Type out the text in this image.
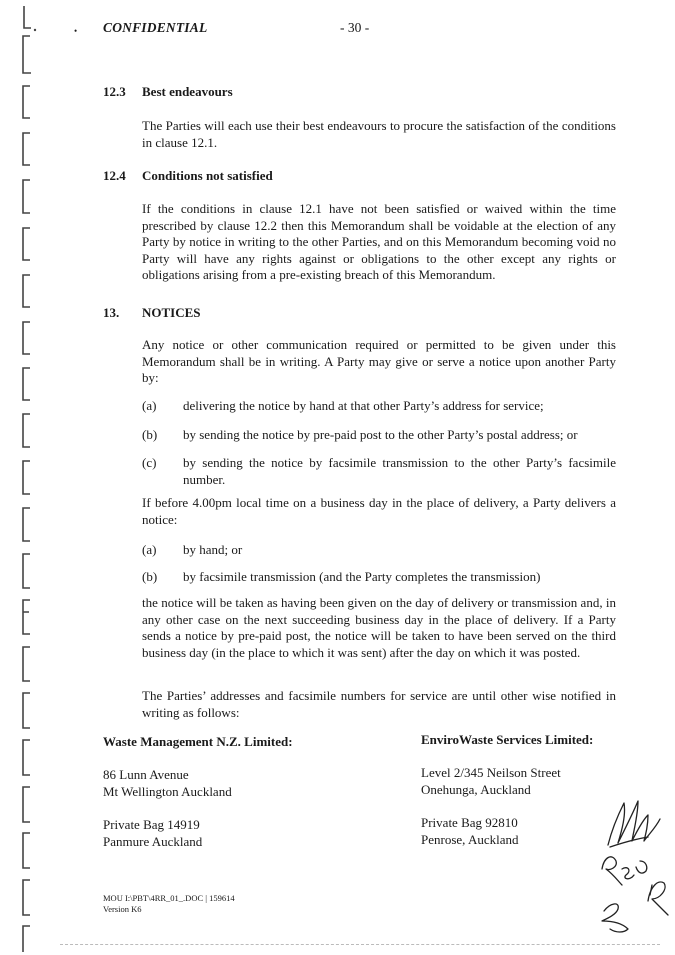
• CONFIDENTIAL	- 30 -
12.3 Best endeavours
The Parties will each use their best endeavours to procure the satisfaction of the conditions in clause 12.1.
12.4 Conditions not satisfied
If the conditions in clause 12.1 have not been satisfied or waived within the time prescribed by clause 12.2 then this Memorandum shall be voidable at the election of any Party by notice in writing to the other Parties, and on this Memorandum becoming void no Party will have any rights against or obligations to the other except any rights or obligations arising from a pre-existing breach of this Memorandum.
13. NOTICES
Any notice or other communication required or permitted to be given under this Memorandum shall be in writing. A Party may give or serve a notice upon another Party by:
(a) delivering the notice by hand at that other Party’s address for service;
(b) by sending the notice by pre-paid post to the other Party’s postal address; or
(c) by sending the notice by facsimile transmission to the other Party’s facsimile number.
If before 4.00pm local time on a business day in the place of delivery, a Party delivers a notice:
(a) by hand; or
(b) by facsimile transmission (and the Party completes the transmission)
the notice will be taken as having been given on the day of delivery or transmission and, in any other case on the next succeeding business day in the place of delivery. If a Party sends a notice by pre-paid post, the notice will be taken to have been served on the third business day (in the place to which it was sent) after the day on which it was posted.
The Parties’ addresses and facsimile numbers for service are until other wise notified in writing as follows:
Waste Management N.Z. Limited:
86 Lunn Avenue
Mt Wellington Auckland
Private Bag 14919
Panmure Auckland
EnviroWaste Services Limited:
Level 2/345 Neilson Street
Onehunga, Auckland
Private Bag 92810
Penrose, Auckland
MOU I:\PBT\4RR_01_.DOC | 159614
Version K6
